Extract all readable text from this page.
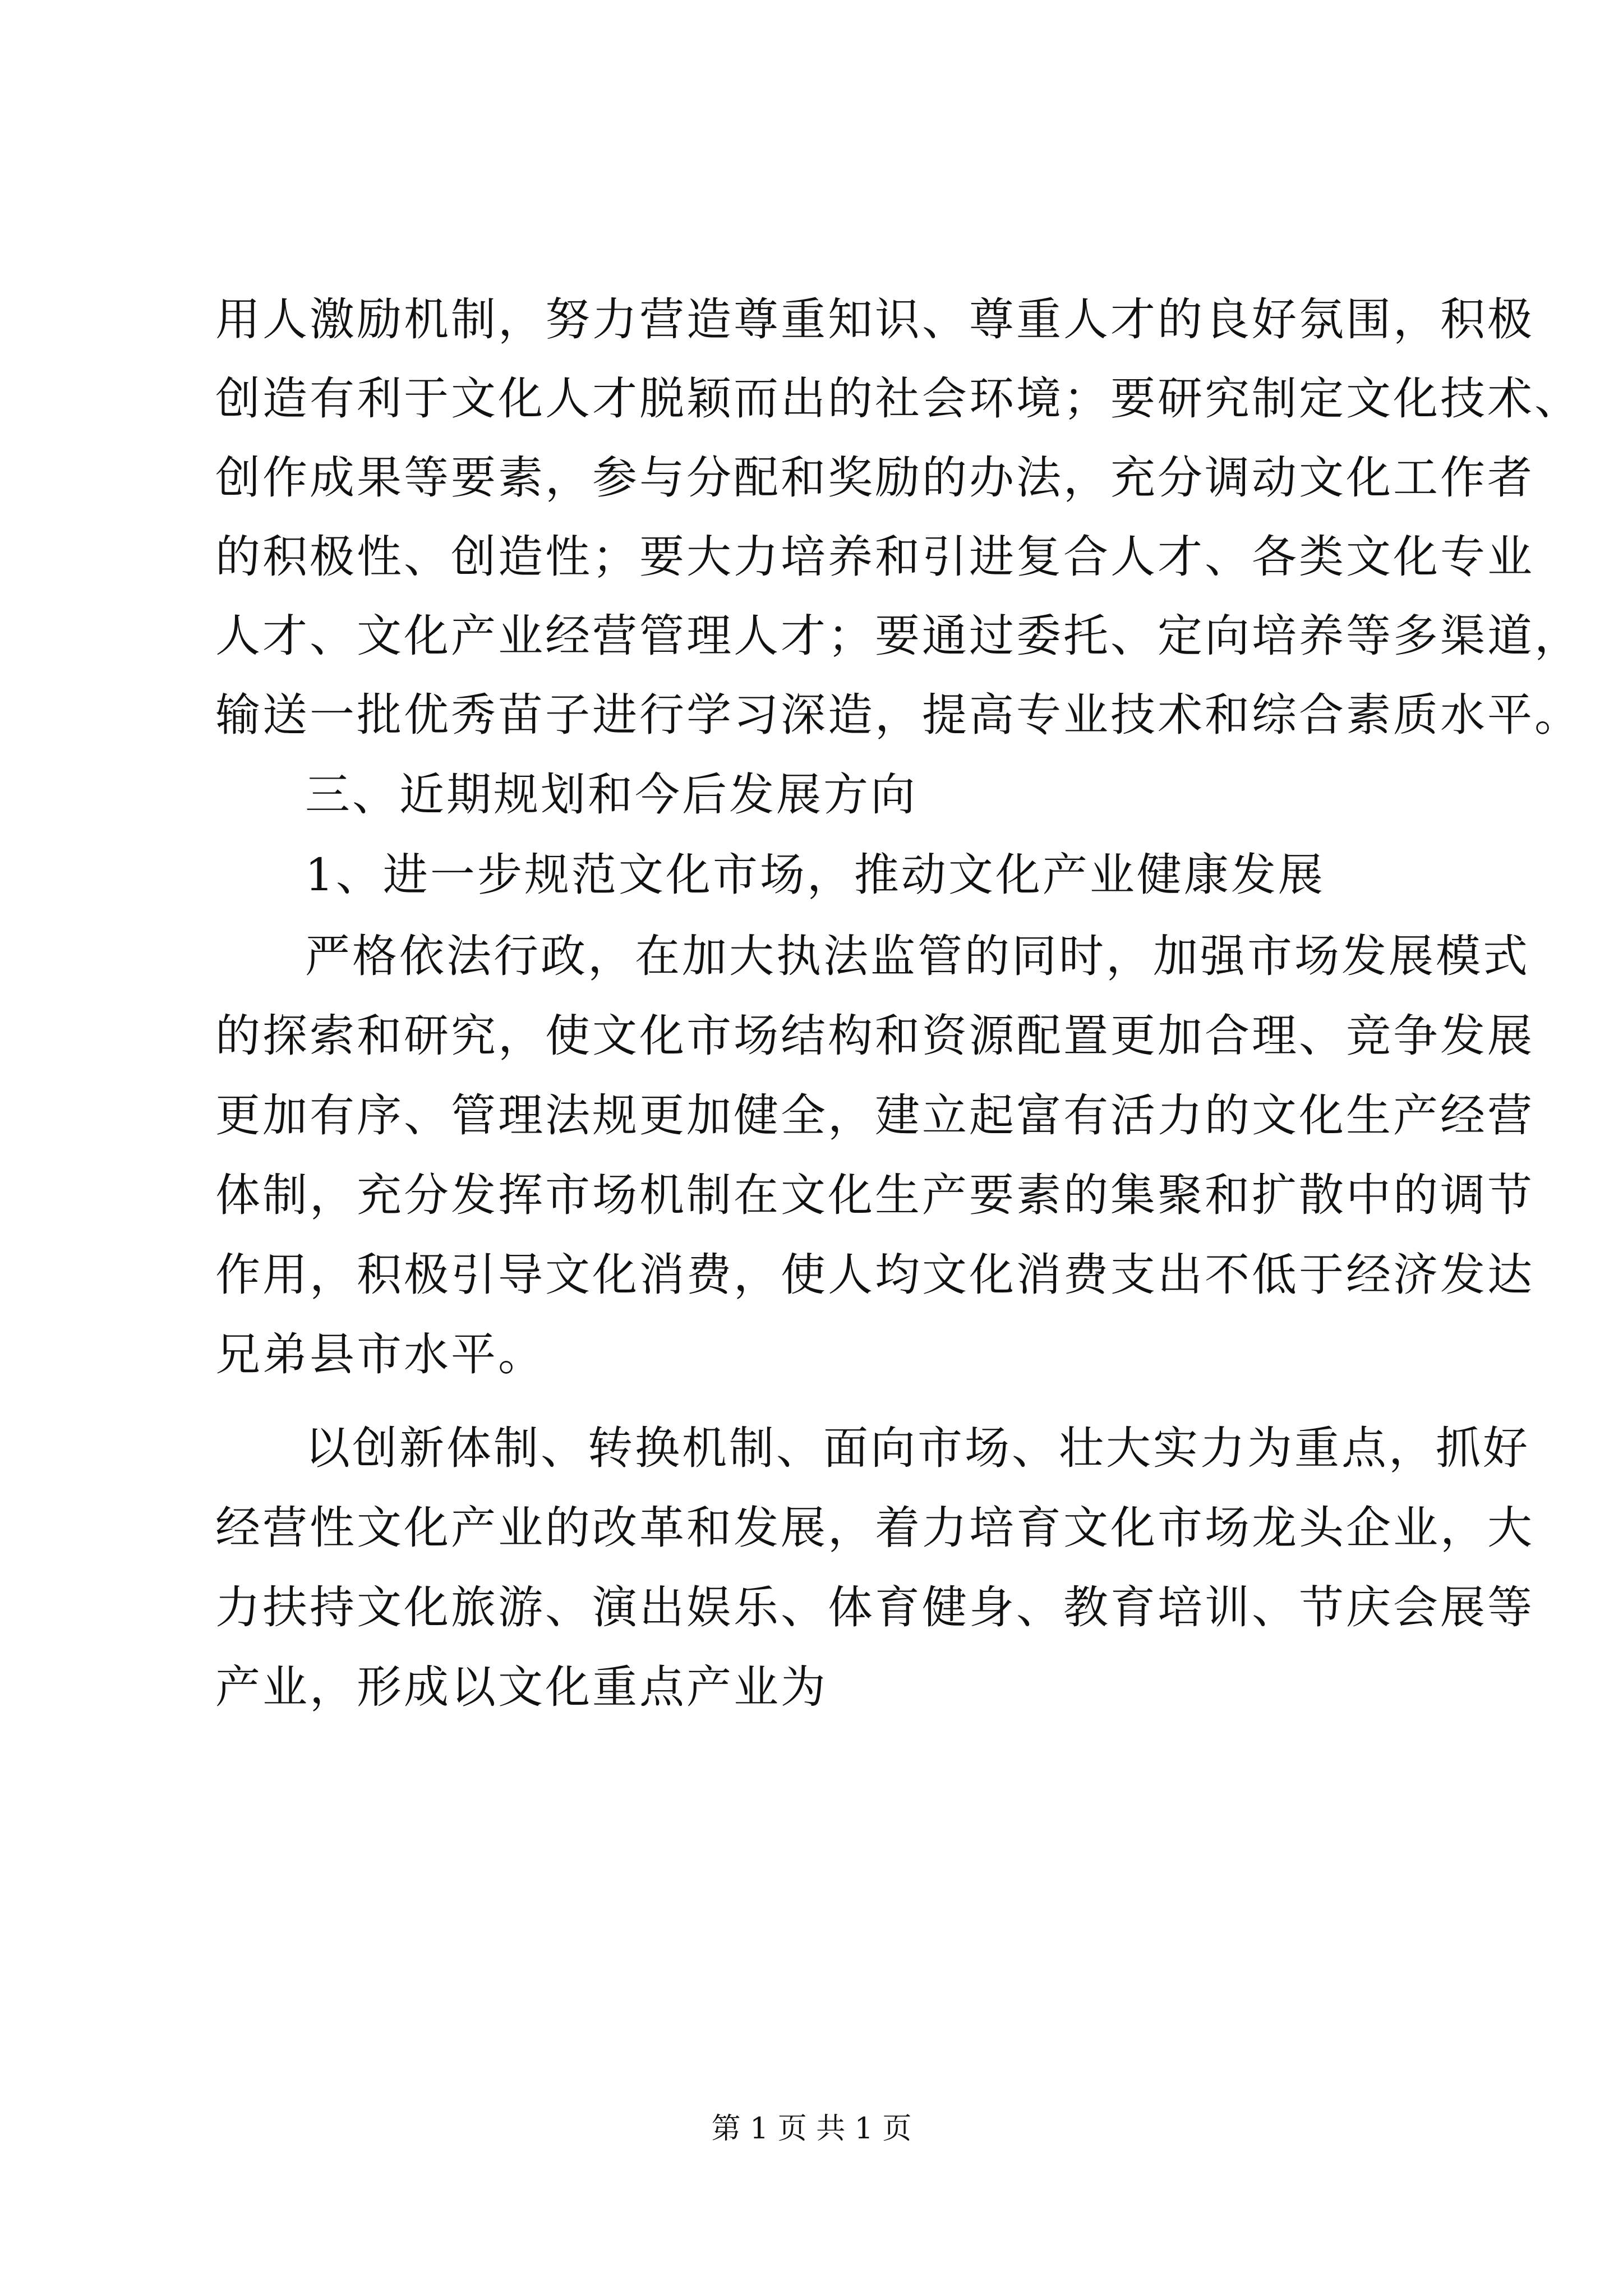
用人激励机制，努力营造尊重知识、尊重人才的良好氛围，积极
创造有利于文化人才脱颖而出的社会环境；要研究制定文化技术、
创作成果等要素，参与分配和奖励的办法，充分调动文化工作者
的积极性、创造性；要大力培养和引进复合人才、各类文化专业
人才、文化产业经营管理人才；要通过委托、定向培养等多渠道，
输送一批优秀苗子进行学习深造，提高专业技术和综合素质水平。
三、近期规划和今后发展方向
1、进一步规范文化市场，推动文化产业健康发展
严格依法行政，在加大执法监管的同时，加强市场发展模式
的探索和研究，使文化市场结构和资源配置更加合理、竞争发展
更加有序、管理法规更加健全，建立起富有活力的文化生产经营
体制，充分发挥市场机制在文化生产要素的集聚和扩散中的调节
作用，积极引导文化消费，使人均文化消费支出不低于经济发达
兄弟县市水平。
以创新体制、转换机制、面向市场、壮大实力为重点，抓好
经营性文化产业的改革和发展，着力培育文化市场龙头企业，大
力扶持文化旅游、演出娱乐、体育健身、教育培训、节庆会展等
产业，形成以文化重点产业为
第 1 页 共 1 页
